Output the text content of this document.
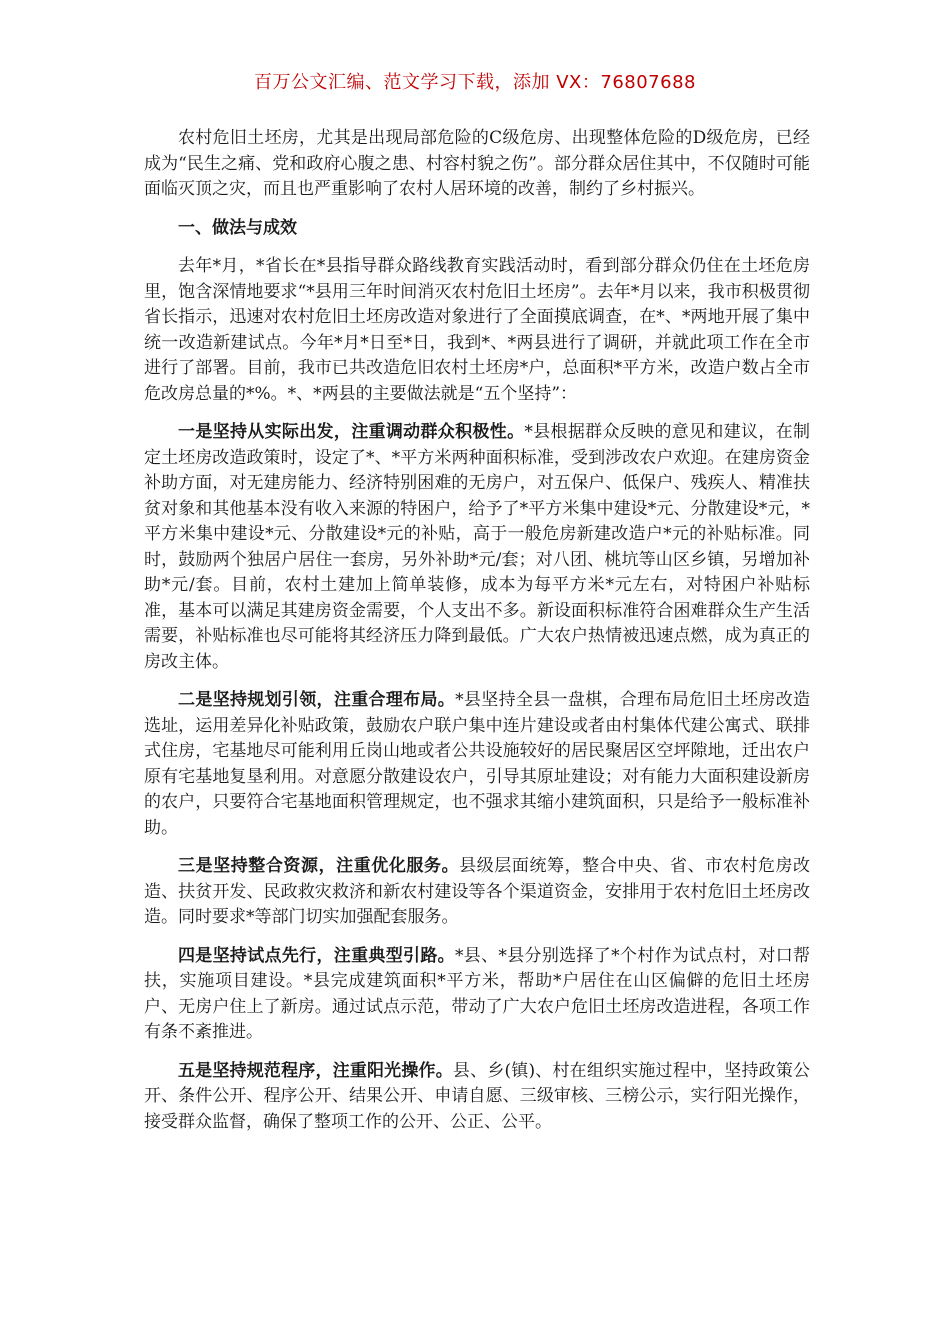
百万公文汇编、范文学习下载，添加 VX：76807688

农村危旧土坯房，尤其是出现局部危险的C级危房、出现整体危险的D级危房，已经成为“民生之痛、党和政府心腹之患、村容村貌之伤”。部分群众居住其中，不仅随时可能面临灭顶之灾，而且也严重影响了农村人居环境的改善，制约了乡村振兴。

一、做法与成效

去年*月，*省长在*县指导群众路线教育实践活动时，看到部分群众仍住在土坯危房里，饱含深情地要求“*县用三年时间消灭农村危旧土坯房”。去年*月以来，我市积极贯彻省长指示，迅速对农村危旧土坯房改造对象进行了全面摸底调查，在*、*两地开展了集中统一改造新建试点。今年*月*日至*日，我到*、*两县进行了调研，并就此项工作在全市进行了部署。目前，我市已共改造危旧农村土坯房*户，总面积*平方米，改造户数占全市危改房总量的*%。*、*两县的主要做法就是“五个坚持”：

一是坚持从实际出发，注重调动群众积极性。*县根据群众反映的意见和建议，在制定土坯房改造政策时，设定了*、*平方米两种面积标准，受到涉改农户欢迎。在建房资金补助方面，对无建房能力、经济特别困难的无房户，对五保户、低保户、残疾人、精准扶贫对象和其他基本没有收入来源的特困户，给予了*平方米集中建设*元、分散建设*元，*平方米集中建设*元、分散建设*元的补贴，高于一般危房新建改造户*元的补贴标准。同时，鼓励两个独居户居住一套房，另外补助*元/套；对八团、桃坑等山区乡镇，另增加补助*元/套。目前，农村土建加上简单装修，成本为每平方米*元左右，对特困户补贴标准，基本可以满足其建房资金需要，个人支出不多。新设面积标准符合困难群众生产生活需要，补贴标准也尽可能将其经济压力降到最低。广大农户热情被迅速点燃，成为真正的房改主体。

二是坚持规划引领，注重合理布局。*县坚持全县一盘棋，合理布局危旧土坯房改造选址，运用差异化补贴政策，鼓励农户联户集中连片建设或者由村集体代建公寓式、联排式住房，宅基地尽可能利用丘岗山地或者公共设施较好的居民聚居区空坪隙地，迁出农户原有宅基地复垦利用。对意愿分散建设农户，引导其原址建设；对有能力大面积建设新房的农户，只要符合宅基地面积管理规定，也不强求其缩小建筑面积，只是给予一般标准补助。

三是坚持整合资源，注重优化服务。县级层面统筹，整合中央、省、市农村危房改造、扶贫开发、民政救灾救济和新农村建设等各个渠道资金，安排用于农村危旧土坯房改造。同时要求*等部门切实加强配套服务。

四是坚持试点先行，注重典型引路。*县、*县分别选择了*个村作为试点村，对口帮扶，实施项目建设。*县完成建筑面积*平方米，帮助*户居住在山区偏僻的危旧土坯房户、无房户住上了新房。通过试点示范，带动了广大农户危旧土坯房改造进程，各项工作有条不紊推进。

五是坚持规范程序，注重阳光操作。县、乡(镇)、村在组织实施过程中，坚持政策公开、条件公开、程序公开、结果公开、申请自愿、三级审核、三榜公示，实行阳光操作，接受群众监督，确保了整项工作的公开、公正、公平。
